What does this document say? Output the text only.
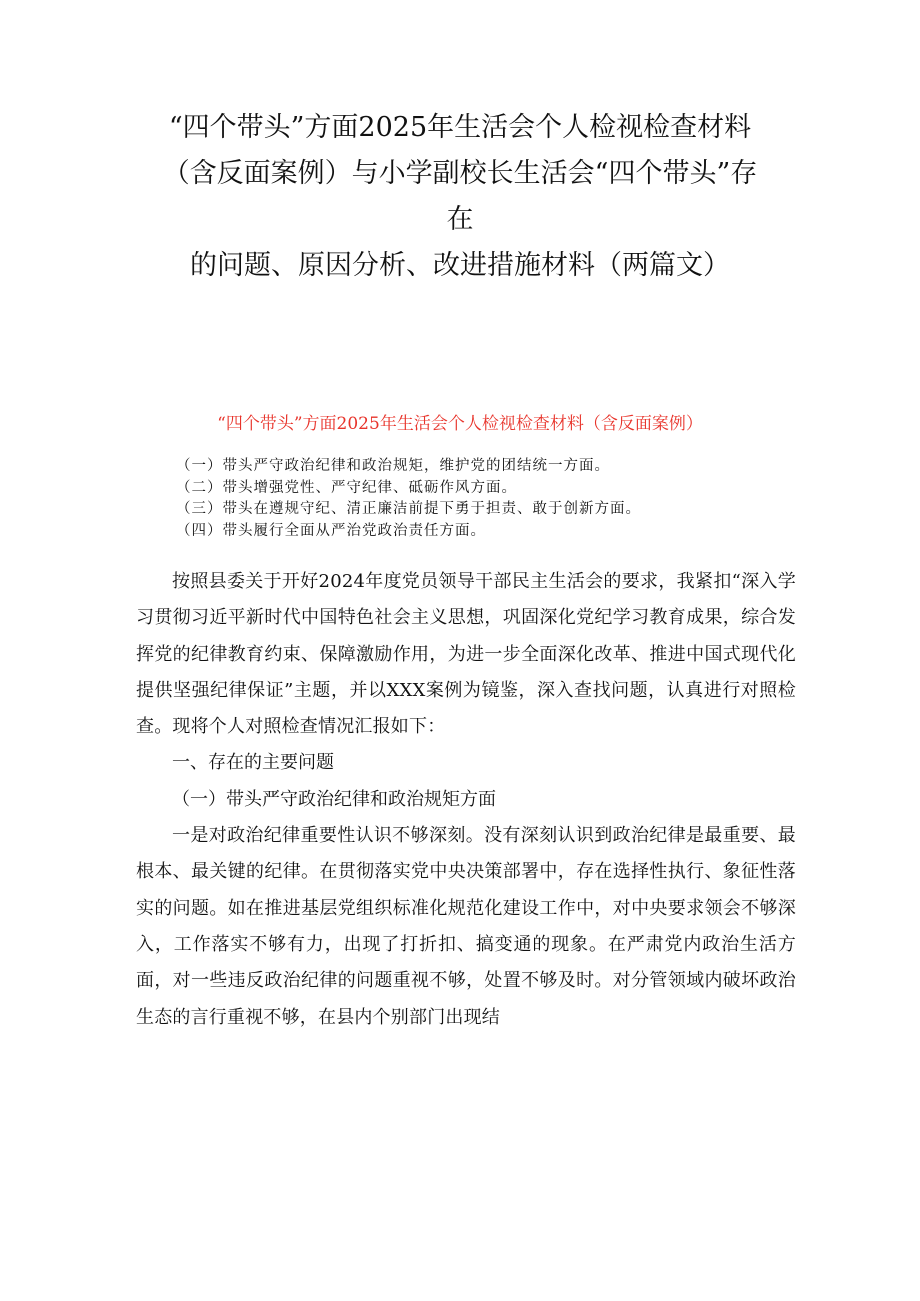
“四个带头”方面2025年生活会个人检视检查材料
（含反面案例）与小学副校长生活会“四个带头”存
在
的问题、原因分析、改进措施材料（两篇文）
“四个带头”方面2025年生活会个人检视检查材料（含反面案例）
（一）带头严守政治纪律和政治规矩，维护党的团结统一方面。
（二）带头增强党性、严守纪律、砥砺作风方面。
（三）带头在遵规守纪、清正廉洁前提下勇于担责、敢于创新方面。
（四）带头履行全面从严治党政治责任方面。

按照县委关于开好2024年度党员领导干部民主生活会的要求，我紧扣“深入学习贯彻习近平新时代中国特色社会主义思想，巩固深化党纪学习教育成果，综合发挥党的纪律教育约束、保障激励作用，为进一步全面深化改革、推进中国式现代化提供坚强纪律保证”主题，并以XXX案例为镜鉴，深入查找问题，认真进行对照检查。现将个人对照检查情况汇报如下：

一、存在的主要问题

（一）带头严守政治纪律和政治规矩方面

一是对政治纪律重要性认识不够深刻。没有深刻认识到政治纪律是最重要、最根本、最关键的纪律。在贯彻落实党中央决策部署中，存在选择性执行、象征性落实的问题。如在推进基层党组织标准化规范化建设工作中，对中央要求领会不够深入，工作落实不够有力，出现了打折扣、搞变通的现象。在严肃党内政治生活方面，对一些违反政治纪律的问题重视不够，处置不够及时。对分管领域内破坏政治生态的言行重视不够，在县内个别部门出现结
